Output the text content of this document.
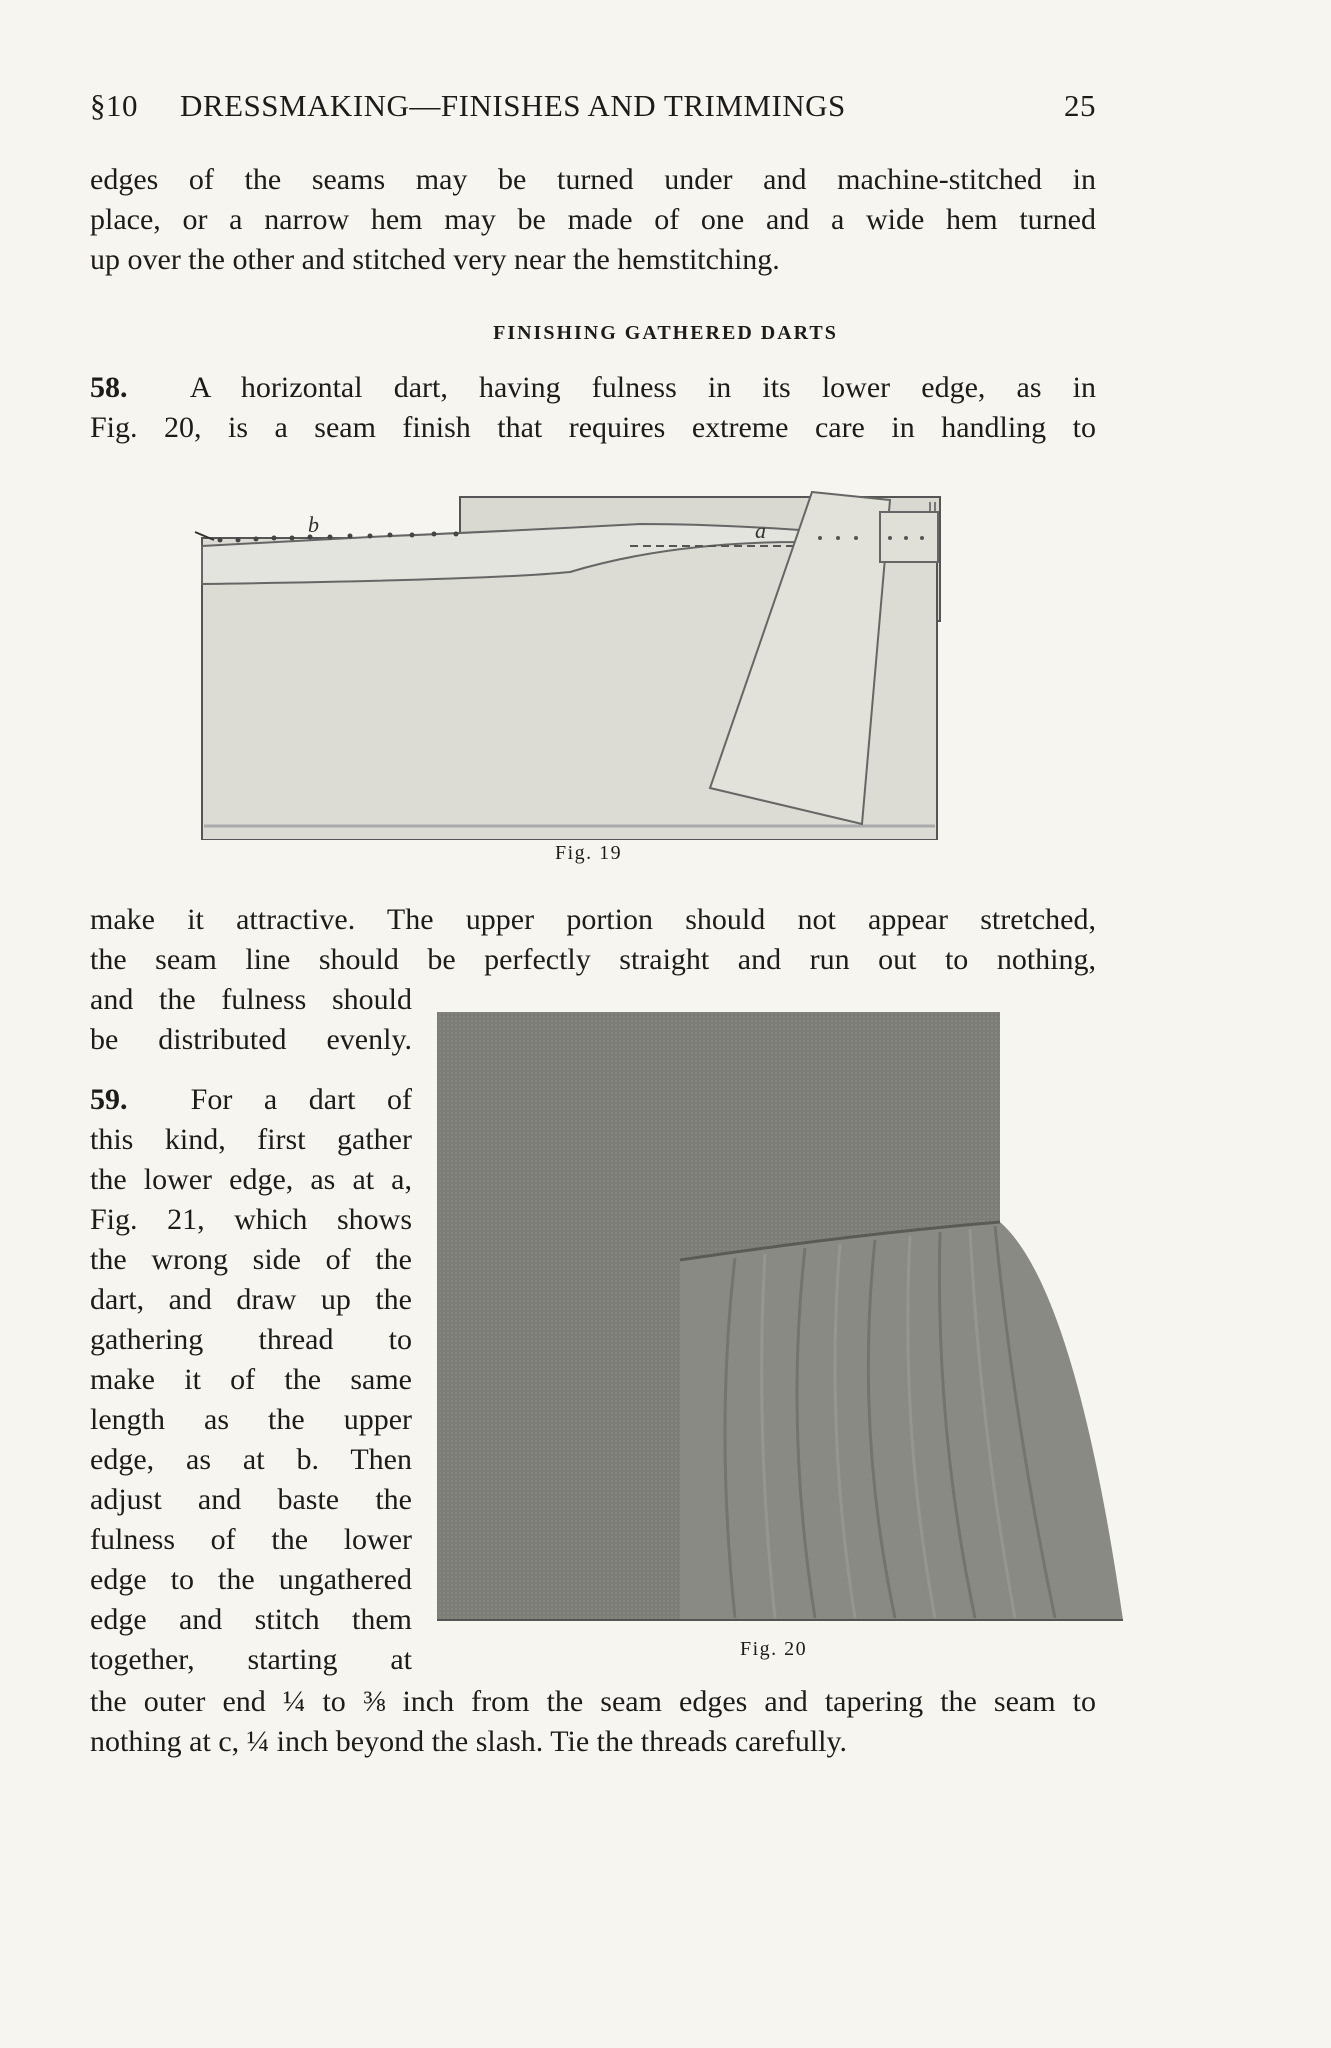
§10 DRESSMAKING—FINISHES AND TRIMMINGS	25
edges of the seams may be turned under and machine-stitched in
place, or a narrow hem may be made of one and a wide hem turned
up over the other and stitched very near the hemstitching.
FINISHING GATHERED DARTS
58. A horizontal dart, having fulness in its lower edge, as in
Fig. 20, is a seam finish that requires extreme care in handling to
b	a
Fig. 19
make it attractive. The upper portion should not appear stretched,
the seam line should be perfectly straight and run out to nothing,
and the fulness should
be distributed evenly.
59. For a dart of
this kind, first gather
the lower edge, as at a,
Fig. 21, which shows
the wrong side of the
dart, and draw up the
gathering thread to
make it of the same
length as the upper
edge, as at b. Then
adjust and baste the
fulness of the lower
edge to the ungathered
edge and stitch them
together, starting at	Fig. 20
the outer end ¼ to ⅜ inch from the seam edges and tapering the seam to
nothing at c, ¼ inch beyond the slash. Tie the threads carefully.
